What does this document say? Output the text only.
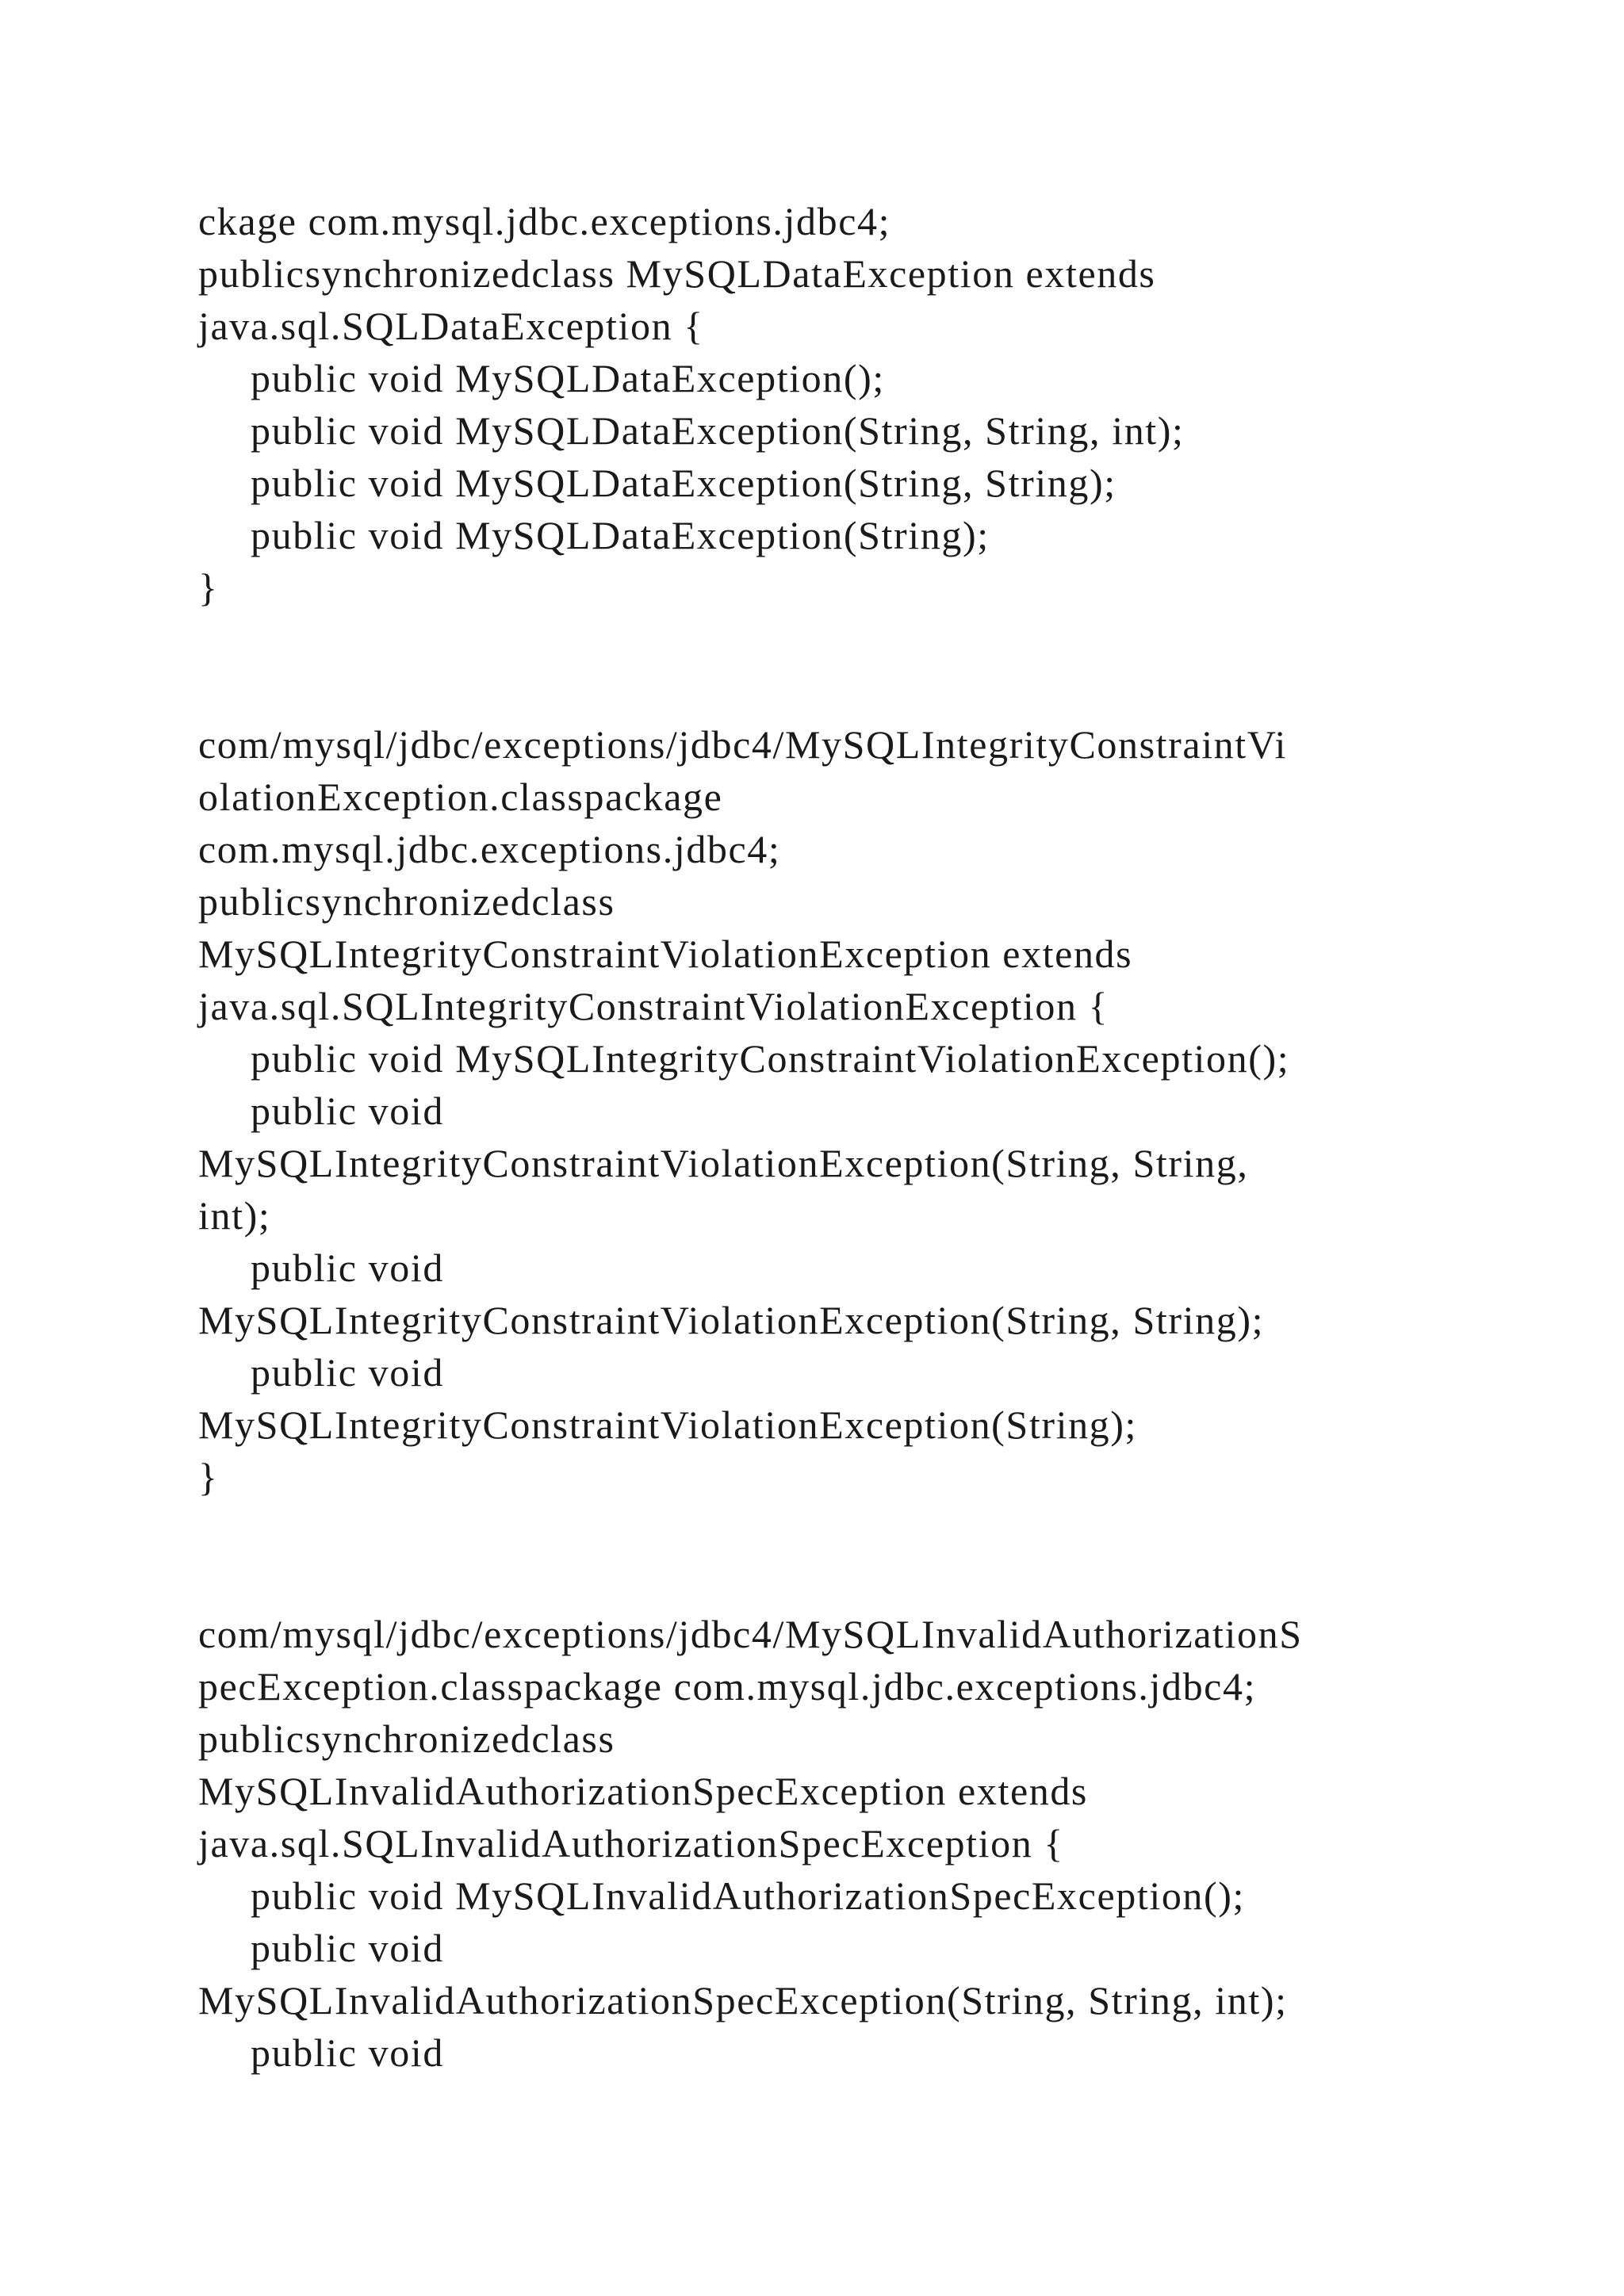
ckage com.mysql.jdbc.exceptions.jdbc4;
publicsynchronizedclass MySQLDataException extends
java.sql.SQLDataException {
public void MySQLDataException();
public void MySQLDataException(String, String, int);
public void MySQLDataException(String, String);
public void MySQLDataException(String);
}
com/mysql/jdbc/exceptions/jdbc4/MySQLIntegrityConstraintVi
olationException.classpackage
com.mysql.jdbc.exceptions.jdbc4;
publicsynchronizedclass
MySQLIntegrityConstraintViolationException extends
java.sql.SQLIntegrityConstraintViolationException {
public void MySQLIntegrityConstraintViolationException();
public void
MySQLIntegrityConstraintViolationException(String, String,
int);
public void
MySQLIntegrityConstraintViolationException(String, String);
public void
MySQLIntegrityConstraintViolationException(String);
}
com/mysql/jdbc/exceptions/jdbc4/MySQLInvalidAuthorizationS
pecException.classpackage com.mysql.jdbc.exceptions.jdbc4;
publicsynchronizedclass
MySQLInvalidAuthorizationSpecException extends
java.sql.SQLInvalidAuthorizationSpecException {
public void MySQLInvalidAuthorizationSpecException();
public void
MySQLInvalidAuthorizationSpecException(String, String, int);
public void
